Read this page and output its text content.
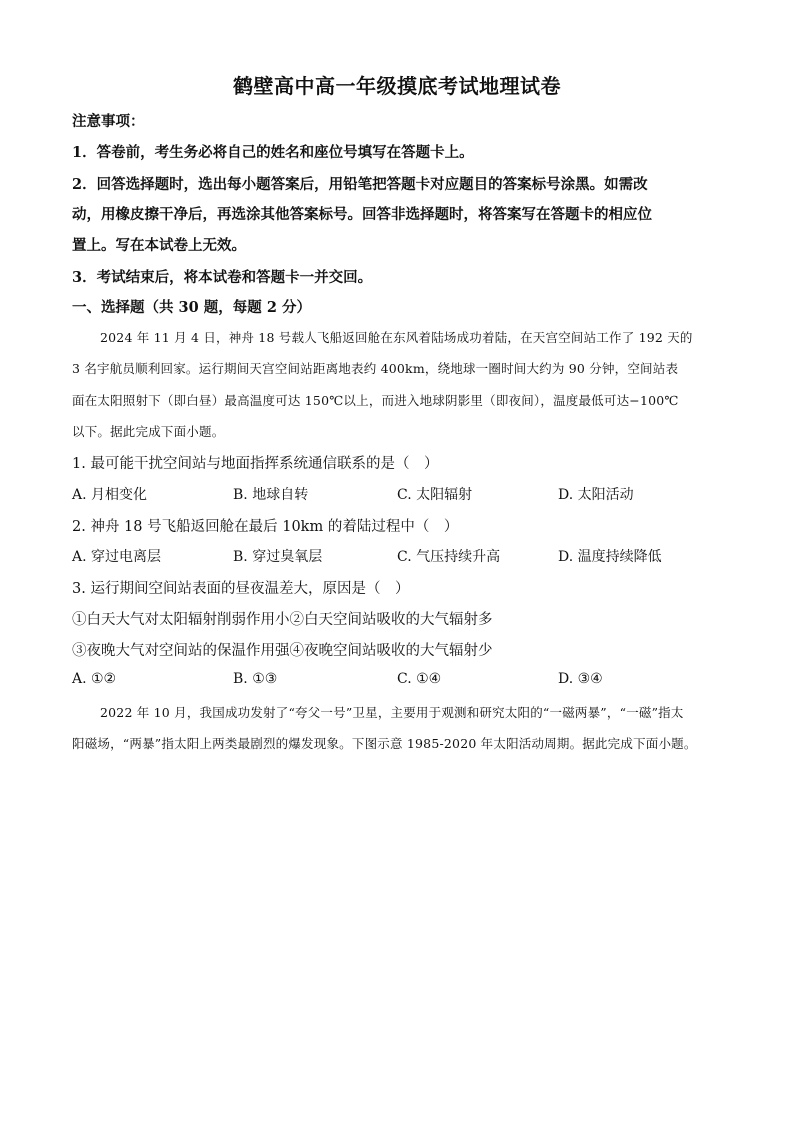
鹤壁高中高一年级摸底考试地理试卷
注意事项：
1．答卷前，考生务必将自己的姓名和座位号填写在答题卡上。
2．回答选择题时，选出每小题答案后，用铅笔把答题卡对应题目的答案标号涂黑。如需改
动，用橡皮擦干净后，再选涂其他答案标号。回答非选择题时，将答案写在答题卡的相应位
置上。写在本试卷上无效。
3．考试结束后，将本试卷和答题卡一并交回。
一、选择题（共 30 题，每题 2 分）
2024 年 11 月 4 日，神舟 18 号载人飞船返回舱在东风着陆场成功着陆，在天宫空间站工作了 192 天的
3 名宇航员顺利回家。运行期间天宫空间站距离地表约 400km，绕地球一圈时间大约为 90 分钟，空间站表
面在太阳照射下（即白昼）最高温度可达 150℃以上，而进入地球阴影里（即夜间），温度最低可达−100℃
以下。据此完成下面小题。
1. 最可能干扰空间站与地面指挥系统通信联系的是（　）
A. 月相变化	B. 地球自转	C. 太阳辐射	D. 太阳活动
2. 神舟 18 号飞船返回舱在最后 10km 的着陆过程中（　）
A. 穿过电离层	B. 穿过臭氧层	C. 气压持续升高	D. 温度持续降低
3. 运行期间空间站表面的昼夜温差大，原因是（　）
①白天大气对太阳辐射削弱作用小②白天空间站吸收的大气辐射多
③夜晚大气对空间站的保温作用强④夜晚空间站吸收的大气辐射少
A. ①②	B. ①③	C. ①④	D. ③④
2022 年 10 月，我国成功发射了“夸父一号”卫星，主要用于观测和研究太阳的“一磁两暴”，“一磁”指太
阳磁场，“两暴”指太阳上两类最剧烈的爆发现象。下图示意 1985-2020 年太阳活动周期。据此完成下面小题。
